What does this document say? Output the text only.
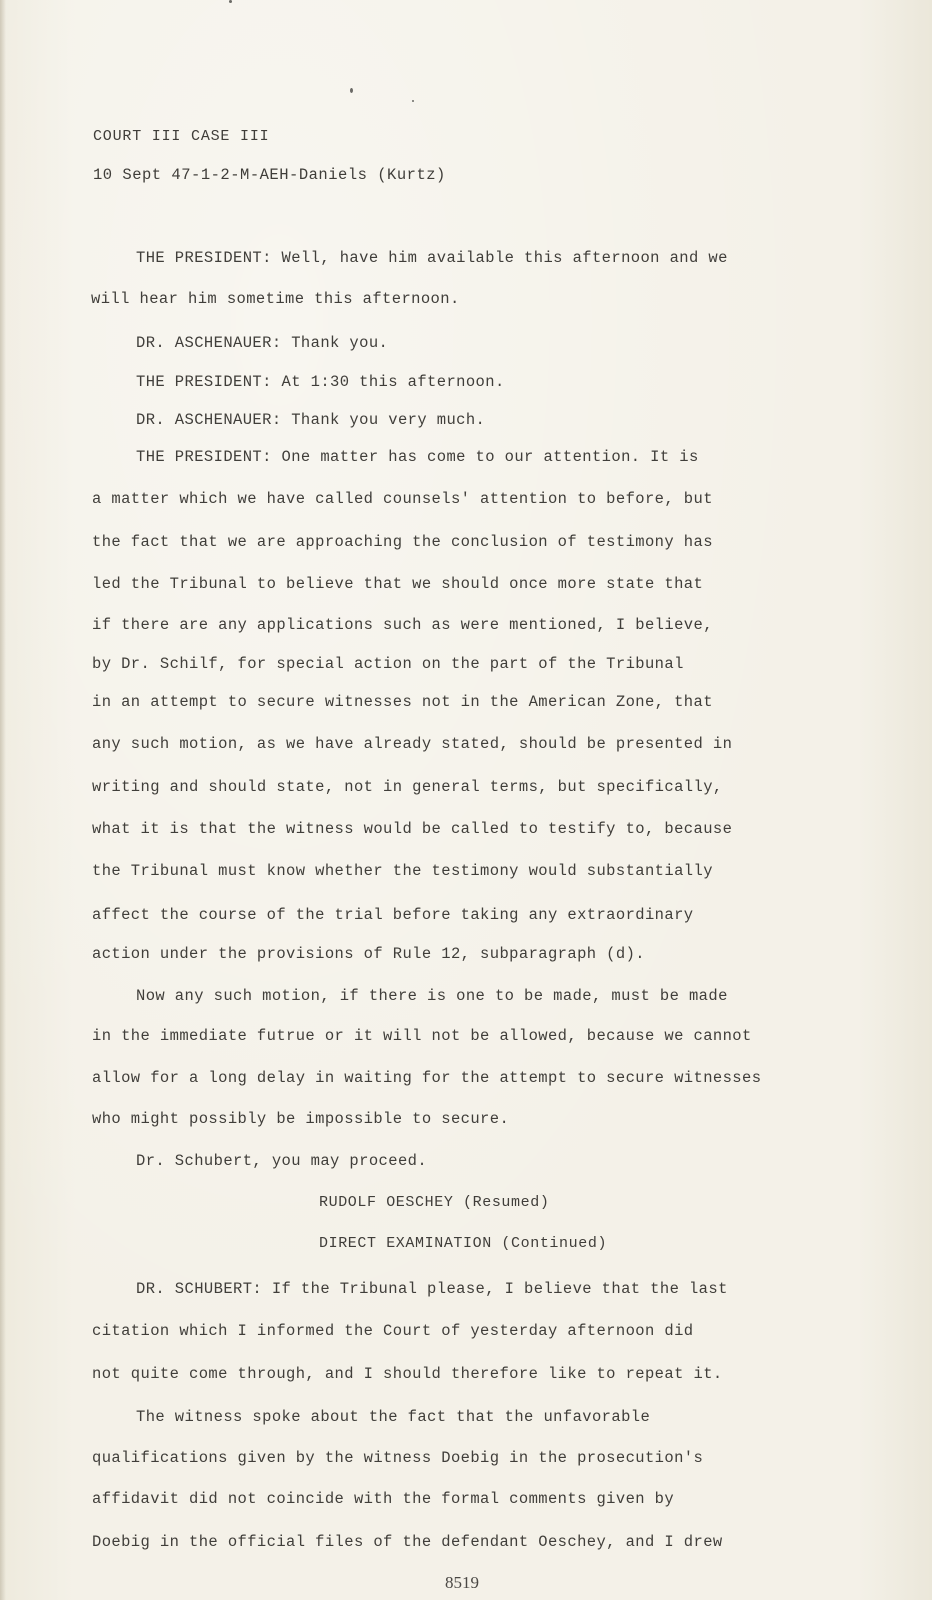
COURT III CASE III
10 Sept 47-1-2-M-AEH-Daniels (Kurtz)

THE PRESIDENT: Well, have him available this afternoon and we

will hear him sometime this afternoon.

DR. ASCHENAUER: Thank you.

THE PRESIDENT: At 1:30 this afternoon.

DR. ASCHENAUER: Thank you very much.

THE PRESIDENT: One matter has come to our attention. It is

a matter which we have called counsels' attention to before, but

the fact that we are approaching the conclusion of testimony has

led the Tribunal to believe that we should once more state that

if there are any applications such as were mentioned, I believe,

by Dr. Schilf, for special action on the part of the Tribunal

in an attempt to secure witnesses not in the American Zone, that

any such motion, as we have already stated, should be presented in

writing and should state, not in general terms, but specifically,

what it is that the witness would be called to testify to, because

the Tribunal must know whether the testimony would substantially

affect the course of the trial before taking any extraordinary

action under the provisions of Rule 12, subparagraph (d).

Now any such motion, if there is one to be made, must be made

in the immediate futrue or it will not be allowed, because we cannot

allow for a long delay in waiting for the attempt to secure witnesses

who might possibly be impossible to secure.

Dr. Schubert, you may proceed.

RUDOLF OESCHEY (Resumed)
DIRECT EXAMINATION (Continued)

DR. SCHUBERT: If the Tribunal please, I believe that the last

citation which I informed the Court of yesterday afternoon did

not quite come through, and I should therefore like to repeat it.

The witness spoke about the fact that the unfavorable

qualifications given by the witness Doebig in the prosecution's

affidavit did not coincide with the formal comments given by

Doebig in the official files of the defendant Oeschey, and I drew

8519
